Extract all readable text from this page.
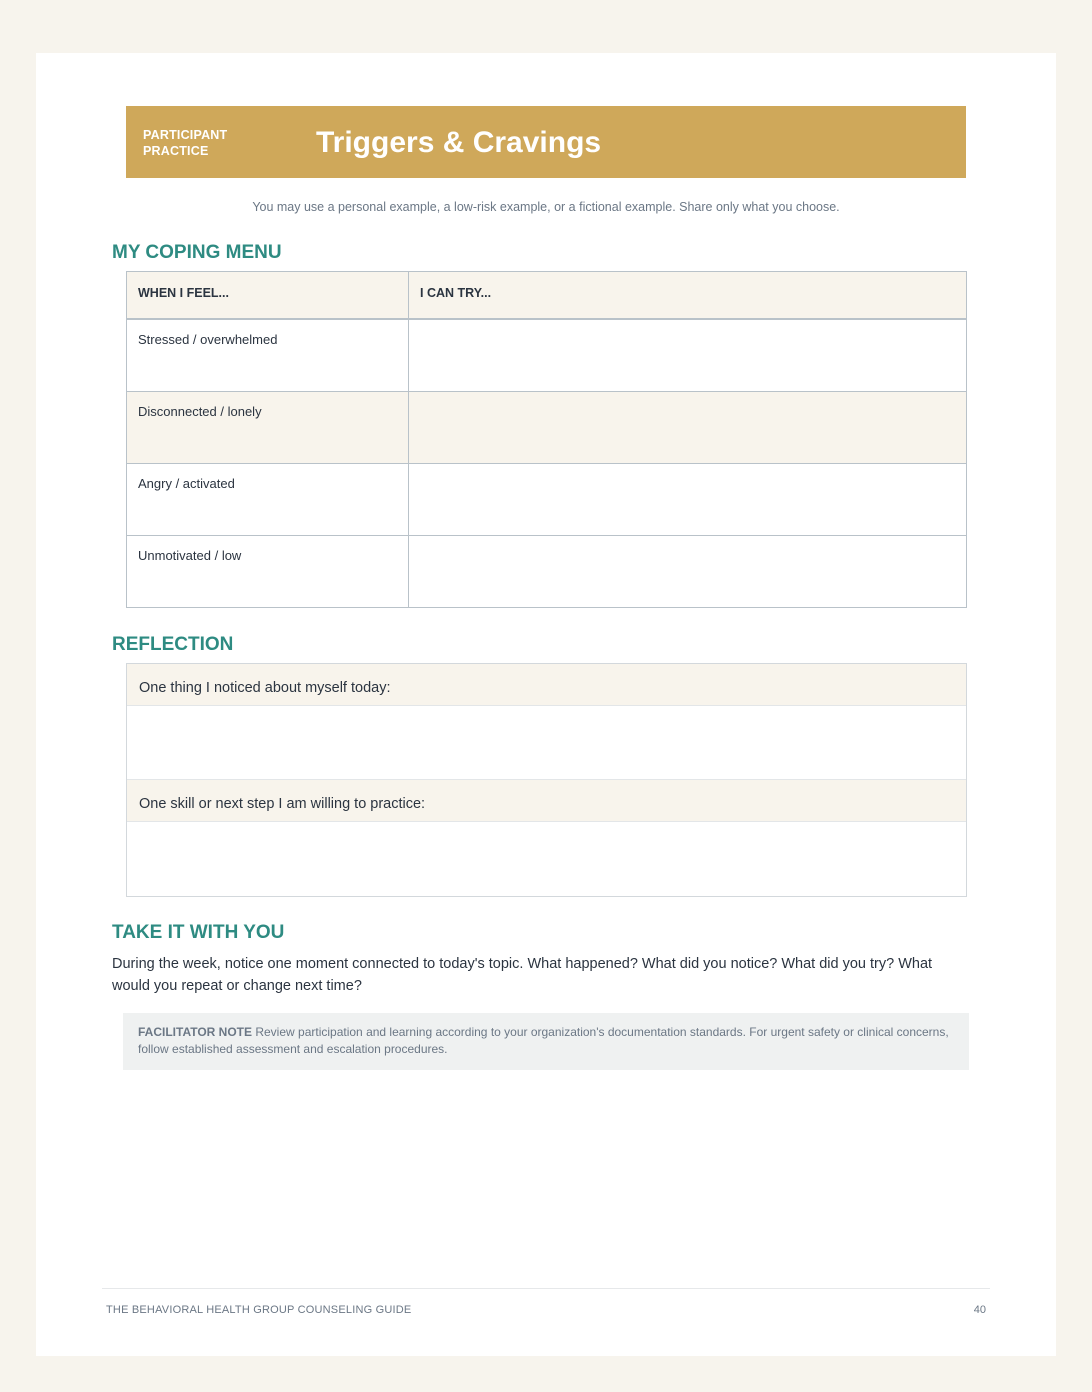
PARTICIPANT PRACTICE	Triggers & Cravings
You may use a personal example, a low-risk example, or a fictional example. Share only what you choose.
MY COPING MENU
WHEN I FEEL...	I CAN TRY...
Stressed / overwhelmed
Disconnected / lonely
Angry / activated
Unmotivated / low
REFLECTION
One thing I noticed about myself today:
One skill or next step I am willing to practice:
TAKE IT WITH YOU
During the week, notice one moment connected to today's topic. What happened? What did you notice? What did you try? What would you repeat or change next time?
FACILITATOR NOTE Review participation and learning according to your organization's documentation standards. For urgent safety or clinical concerns, follow established assessment and escalation procedures.
THE BEHAVIORAL HEALTH GROUP COUNSELING GUIDE	40
